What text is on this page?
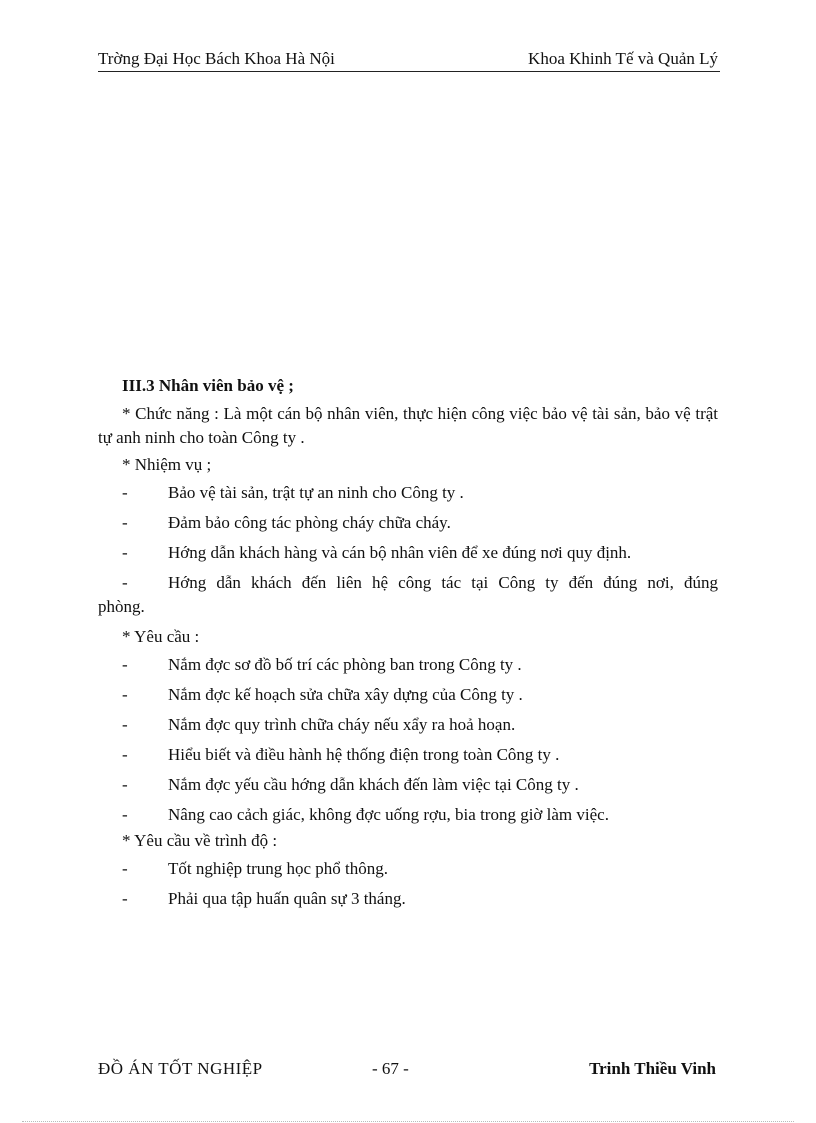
Trờng Đại Học Bách Khoa Hà Nội	Khoa Khinh Tế và Quản Lý
III.3 Nhân viên bảo vệ ;

* Chức năng : Là một cán bộ nhân viên, thực hiện công việc bảo vệ tài sản, bảo vệ trật tự anh ninh cho toàn Công ty .

* Nhiệm vụ ;
- Bảo vệ tài sản, trật tự an ninh cho Công ty .
- Đảm bảo công tác phòng cháy chữa cháy.
- Hớng dẫn khách hàng và cán bộ nhân viên để xe đúng nơi quy định.
-	Hớng dẫn khách đến liên hệ công tác tại Công ty đến đúng nơi, đúng
phòng.
* Yêu cầu :
- Nắm đợc sơ đồ bố trí các phòng ban trong Công ty .
- Nắm đợc kế hoạch sửa chữa xây dựng của Công ty .
- Nắm đợc quy trình chữa cháy nếu xẩy ra hoả hoạn.
- Hiểu biết và điều hành hệ thống điện trong toàn Công ty .
- Nắm đợc yếu cầu hớng dẫn khách đến làm việc tại Công ty .
- Nâng cao cảch giác, không đợc uống rợu, bia trong giờ làm việc.
* Yêu cầu về trình độ :
- Tốt nghiệp trung học phổ thông.
- Phải qua tập huấn quân sự 3 tháng.
ĐỒ ÁN TỐT NGHIỆP	- 67 -	Trinh Thiều Vinh
